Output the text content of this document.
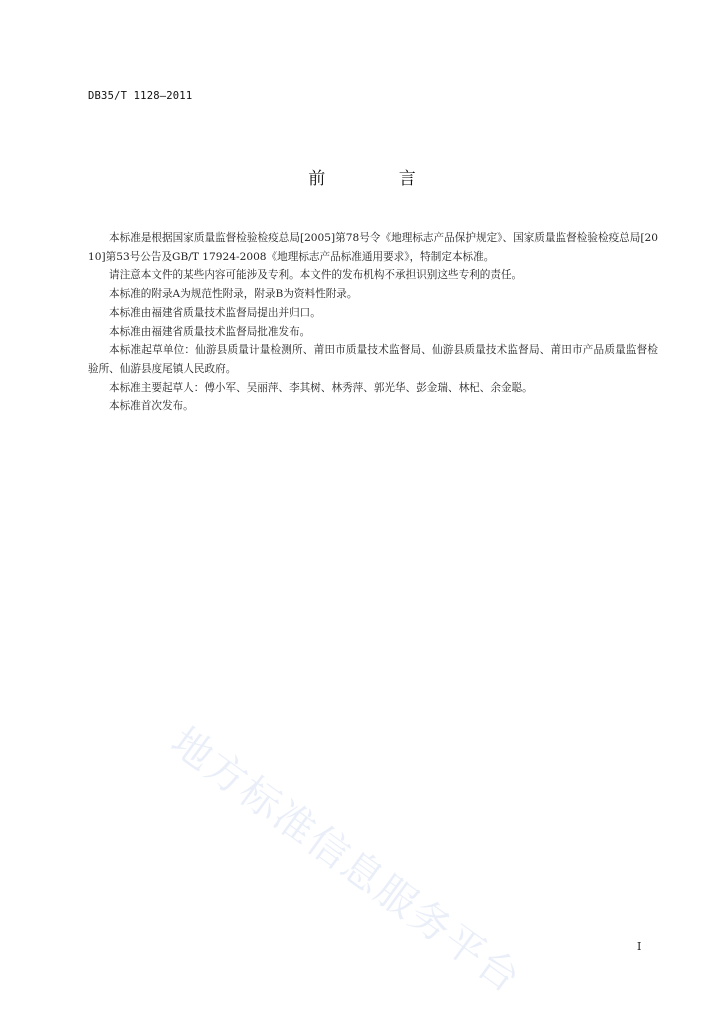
DB35/T 1128—2011
前 言

本标准是根据国家质量监督检验检疫总局[2005]第78号令《地理标志产品保护规定》、国家质量监督检验检疫总局[2010]第53号公告及GB/T 17924-2008《地理标志产品标准通用要求》，特制定本标准。

请注意本文件的某些内容可能涉及专利。本文件的发布机构不承担识别这些专利的责任。

本标准的附录A为规范性附录，附录B为资料性附录。

本标准由福建省质量技术监督局提出并归口。

本标准由福建省质量技术监督局批准发布。

本标准起草单位：仙游县质量计量检测所、莆田市质量技术监督局、仙游县质量技术监督局、莆田市产品质量监督检验所、仙游县度尾镇人民政府。

本标准主要起草人：傅小军、吴丽萍、李其树、林秀萍、郭光华、彭金瑞、林杞、余金聪。

本标准首次发布。

地方标准信息服务平台	I
